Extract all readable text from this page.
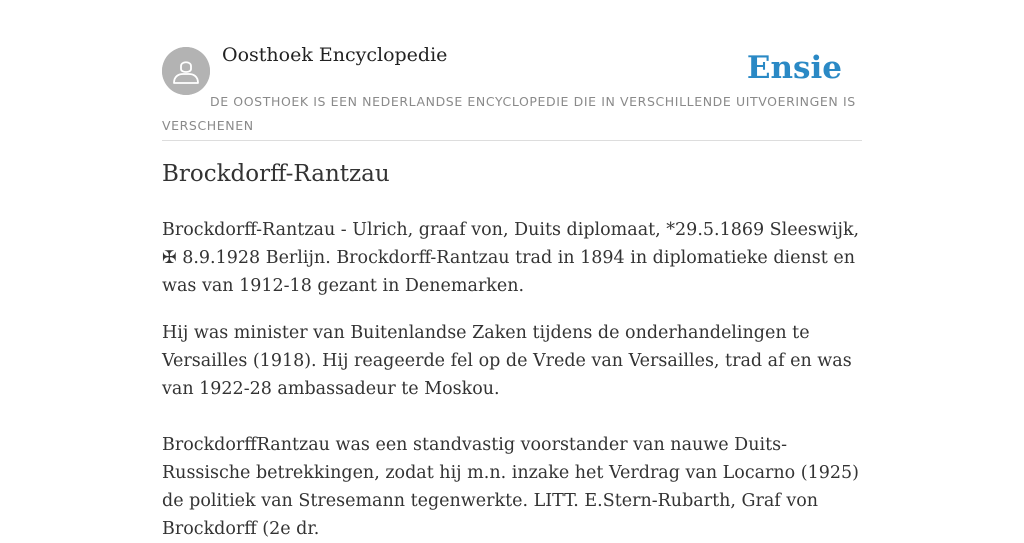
Oosthoek Encyclopedie	Ensie
DE OOSTHOEK IS EEN NEDERLANDSE ENCYCLOPEDIE DIE IN VERSCHILLENDE UITVOERINGEN IS VERSCHENEN
Brockdorff-Rantzau

Brockdorff-Rantzau - Ulrich, graaf von, Duits diplomaat, *29.5.1869 Sleeswijk, ✠ 8.9.1928 Berlijn. Brockdorff-Rantzau trad in 1894 in diplomatieke dienst en was van 1912-18 gezant in Denemarken.

Hij was minister van Buitenlandse Zaken tijdens de onderhandelingen te Versailles (1918). Hij reageerde fel op de Vrede van Versailles, trad af en was van 1922-28 ambassadeur te Moskou.

BrockdorffRantzau was een standvastig voorstander van nauwe Duits-Russische betrekkingen, zodat hij m.n. inzake het Verdrag van Locarno (1925) de politiek van Stresemann tegenwerkte. LITT. E.Stern-Rubarth, Graf von Brockdorff (2e dr.
